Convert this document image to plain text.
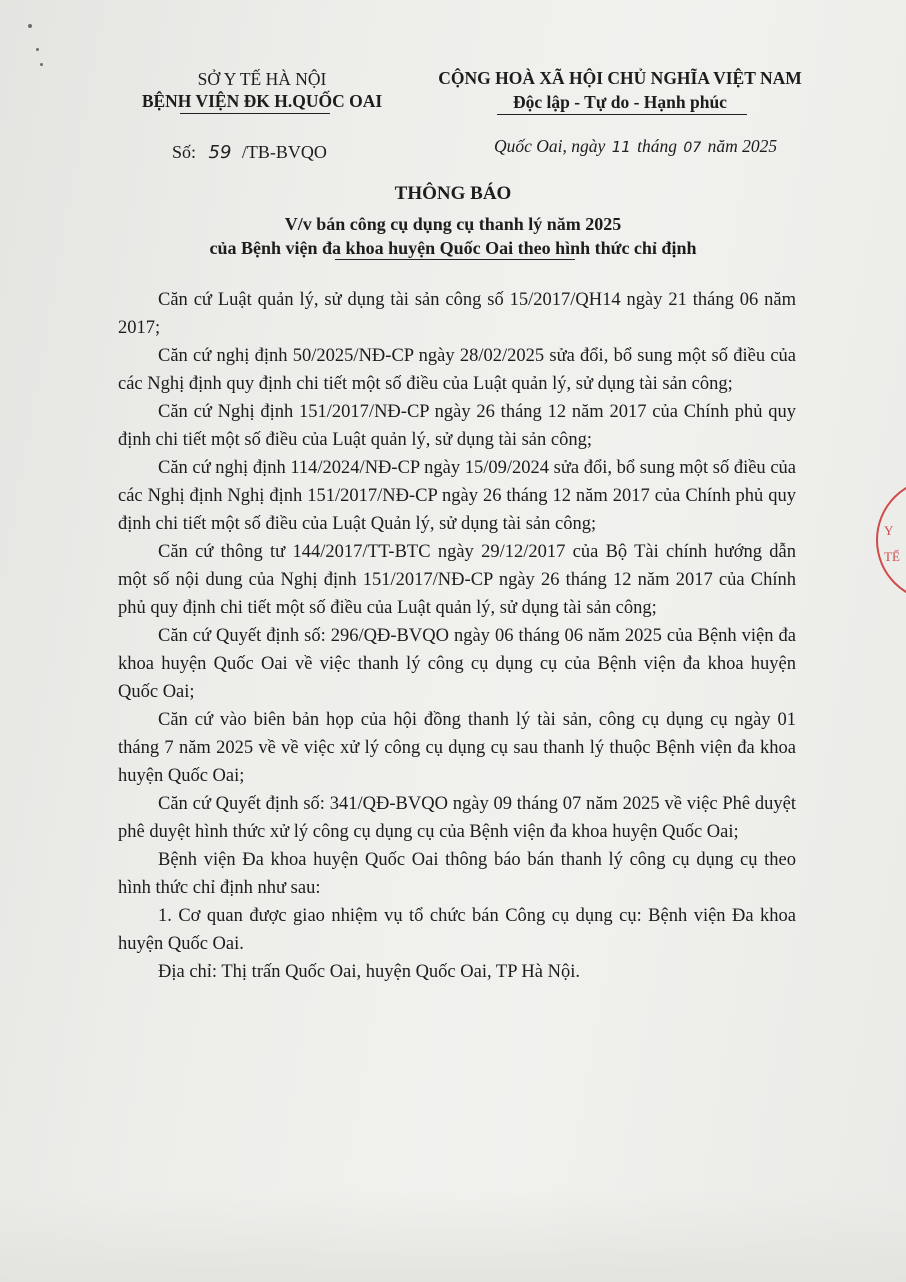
Y TẾ
SỞ Y TẾ HÀ NỘI
BỆNH VIỆN ĐK H.QUỐC OAI
CỘNG HOÀ XÃ HỘI CHỦ NGHĨA VIỆT NAM
Độc lập - Tự do - Hạnh phúc
Số: 59 /TB-BVQO	Quốc Oai, ngày 11 tháng 07 năm 2025
THÔNG BÁO
V/v bán công cụ dụng cụ thanh lý năm 2025
của Bệnh viện đa khoa huyện Quốc Oai theo hình thức chỉ định

Căn cứ Luật quản lý, sử dụng tài sản công số 15/2017/QH14 ngày 21 tháng 06 năm 2017;

Căn cứ nghị định 50/2025/NĐ-CP ngày 28/02/2025 sửa đổi, bổ sung một số điều của các Nghị định quy định chi tiết một số điều của Luật quản lý, sử dụng tài sản công;

Căn cứ Nghị định 151/2017/NĐ-CP ngày 26 tháng 12 năm 2017 của Chính phủ quy định chi tiết một số điều của Luật quản lý, sử dụng tài sản công;

Căn cứ nghị định 114/2024/NĐ-CP ngày 15/09/2024 sửa đổi, bổ sung một số điều của các Nghị định Nghị định 151/2017/NĐ-CP ngày 26 tháng 12 năm 2017 của Chính phủ quy định chi tiết một số điều của Luật Quản lý, sử dụng tài sản công;

Căn cứ thông tư 144/2017/TT-BTC ngày 29/12/2017 của Bộ Tài chính hướng dẫn một số nội dung của Nghị định 151/2017/NĐ-CP ngày 26 tháng 12 năm 2017 của Chính phủ quy định chi tiết một số điều của Luật quản lý, sử dụng tài sản công;

Căn cứ Quyết định số: 296/QĐ-BVQO ngày 06 tháng 06 năm 2025 của Bệnh viện đa khoa huyện Quốc Oai về việc thanh lý công cụ dụng cụ của Bệnh viện đa khoa huyện Quốc Oai;

Căn cứ vào biên bản họp của hội đồng thanh lý tài sản, công cụ dụng cụ ngày 01 tháng 7 năm 2025 về về việc xử lý công cụ dụng cụ sau thanh lý thuộc Bệnh viện đa khoa huyện Quốc Oai;

Căn cứ Quyết định số: 341/QĐ-BVQO ngày 09 tháng 07 năm 2025 về việc Phê duyệt phê duyệt hình thức xử lý công cụ dụng cụ của Bệnh viện đa khoa huyện Quốc Oai;

Bệnh viện Đa khoa huyện Quốc Oai thông báo bán thanh lý công cụ dụng cụ theo hình thức chỉ định như sau:

1. Cơ quan được giao nhiệm vụ tổ chức bán Công cụ dụng cụ: Bệnh viện Đa khoa huyện Quốc Oai.

Địa chỉ: Thị trấn Quốc Oai, huyện Quốc Oai, TP Hà Nội.
